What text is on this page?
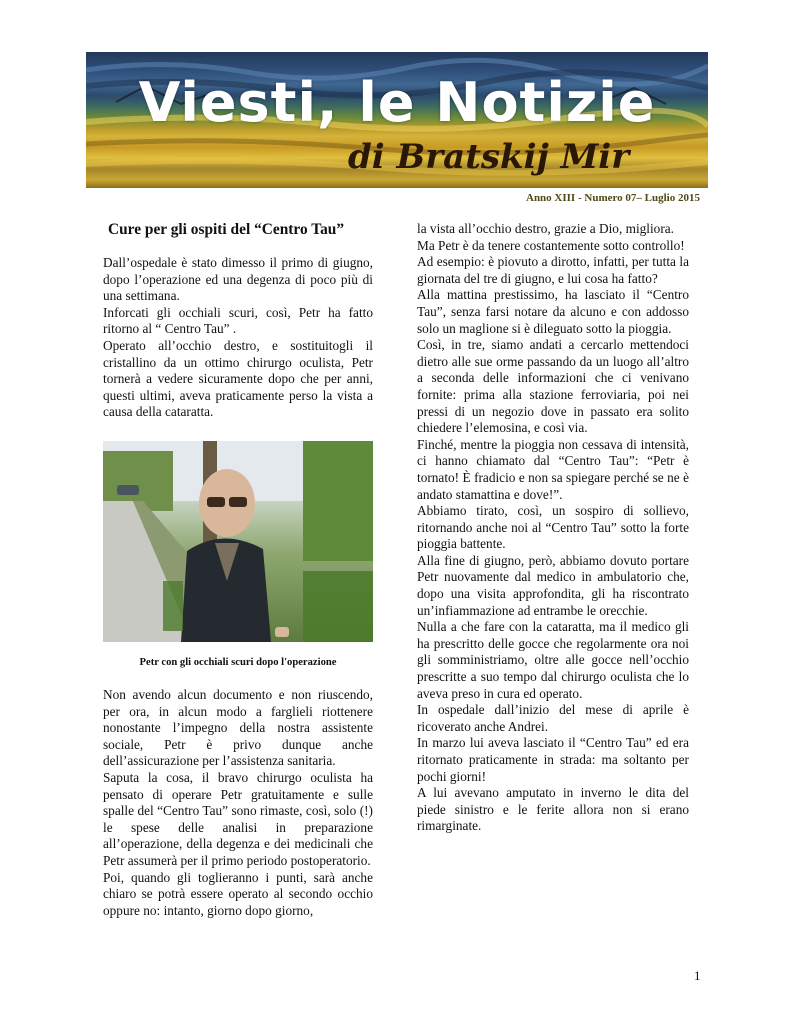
Viesti, le Notizie
di Bratskij Mir
Anno XIII - Numero 07– Luglio 2015
Cure per gli ospiti del “Centro Tau”

Dall’ospedale è stato dimesso il primo di giugno, dopo l’operazione ed una degenza di poco più di una settimana.

Inforcati gli occhiali scuri, così, Petr ha fatto ritorno al “ Centro Tau” .

Operato all’occhio destro, e sostituitogli il cristallino da un ottimo chirurgo oculista, Petr tornerà a vedere sicuramente dopo che per anni, questi ultimi, aveva praticamente perso la vista a causa della cataratta.

Petr con gli occhiali scuri dopo l'operazione

Non avendo alcun documento e non riuscendo, per ora, in alcun modo a farglieli riottenere nonostante l’impegno della nostra assistente sociale, Petr è privo dunque anche dell’assicurazione per l’assistenza sanitaria.

Saputa la cosa, il bravo chirurgo oculista ha pensato di operare Petr gratuitamente e sulle spalle del “Centro Tau” sono rimaste, così, solo (!) le spese delle analisi in preparazione all’operazione, della degenza e dei medicinali che Petr assumerà per il primo periodo postoperatorio.

Poi, quando gli toglieranno i punti, sarà anche chiaro se potrà essere operato al secondo occhio oppure no: intanto, giorno dopo giorno,

la vista all’occhio destro, grazie a Dio, migliora.

Ma Petr è da tenere costantemente sotto controllo!

Ad esempio: è piovuto a dirotto, infatti, per tutta la giornata del tre di giugno, e lui cosa ha fatto?

Alla mattina prestissimo, ha lasciato il “Centro Tau”, senza farsi notare da alcuno e con addosso solo un maglione si è dileguato sotto la pioggia.

Così, in tre, siamo andati a cercarlo mettendoci dietro alle sue orme passando da un luogo all’altro a seconda delle informazioni che ci venivano fornite: prima alla stazione ferroviaria, poi nei pressi di un negozio dove in passato era solito chiedere l’elemosina, e così via.

Finché, mentre la pioggia non cessava di intensità, ci hanno chiamato dal “Centro Tau”: “Petr è tornato! È fradicio e non sa spiegare perché se ne è andato stamattina e dove!”.

Abbiamo tirato, così, un sospiro di sollievo, ritornando anche noi al “Centro Tau” sotto la forte pioggia battente.

Alla fine di giugno, però, abbiamo dovuto portare Petr nuovamente dal medico in ambulatorio che, dopo una visita approfondita, gli ha riscontrato un’infiammazione ad entrambe le orecchie.

Nulla a che fare con la cataratta, ma il medico gli ha prescritto delle gocce che regolarmente ora noi gli somministriamo, oltre alle gocce nell’occhio prescritte a suo tempo dal chirurgo oculista che lo aveva preso in cura ed operato.

In ospedale dall’inizio del mese di aprile è ricoverato anche Andrei.

In marzo lui aveva lasciato il “Centro Tau” ed era ritornato praticamente in strada: ma soltanto per pochi giorni!

A lui avevano amputato in inverno le dita del piede sinistro e le ferite allora non si erano rimarginate.

1
